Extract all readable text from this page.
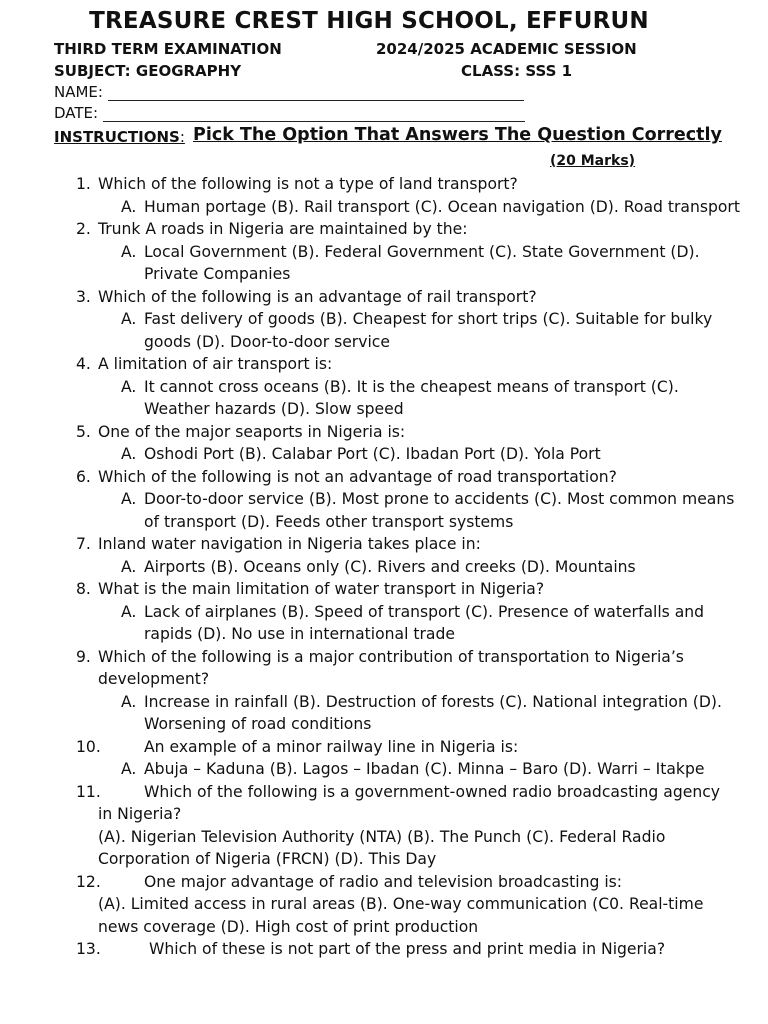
TREASURE CREST HIGH SCHOOL, EFFURUN
THIRD TERM EXAMINATION	2024/2025 ACADEMIC SESSION
SUBJECT: GEOGRAPHY	CLASS: SSS 1
NAME:
DATE:
INSTRUCTIONS: Pick The Option That Answers The Question Correctly
(20 Marks)
1. Which of the following is not a type of land transport?
A. Human portage (B). Rail transport (C). Ocean navigation (D). Road transport
2. Trunk A roads in Nigeria are maintained by the:
A. Local Government (B). Federal Government (C). State Government (D). Private Companies
3. Which of the following is an advantage of rail transport?
A. Fast delivery of goods (B). Cheapest for short trips (C). Suitable for bulky goods (D). Door-to-door service
4. A limitation of air transport is:
A. It cannot cross oceans (B). It is the cheapest means of transport (C). Weather hazards (D). Slow speed
5. One of the major seaports in Nigeria is:
A. Oshodi Port (B). Calabar Port (C). Ibadan Port (D). Yola Port
6. Which of the following is not an advantage of road transportation?
A. Door-to-door service (B). Most prone to accidents (C). Most common means of transport (D). Feeds other transport systems
7. Inland water navigation in Nigeria takes place in:
A. Airports (B). Oceans only (C). Rivers and creeks (D). Mountains
8. What is the main limitation of water transport in Nigeria?
A. Lack of airplanes (B). Speed of transport (C). Presence of waterfalls and rapids (D). No use in international trade
9. Which of the following is a major contribution of transportation to Nigeria’s development?
A. Increase in rainfall (B). Destruction of forests (C). National integration (D). Worsening of road conditions
10.	An example of a minor railway line in Nigeria is:
A. Abuja – Kaduna (B). Lagos – Ibadan (C). Minna – Baro (D). Warri – Itakpe
11.	Which of the following is a government-owned radio broadcasting agency
in Nigeria?
(A). Nigerian Television Authority (NTA) (B). The Punch (C). Federal Radio Corporation of Nigeria (FRCN) (D). This Day
12.	One major advantage of radio and television broadcasting is:
(A). Limited access in rural areas (B). One-way communication (C0. Real-time news coverage (D). High cost of print production
13.	Which of these is not part of the press and print media in Nigeria?
